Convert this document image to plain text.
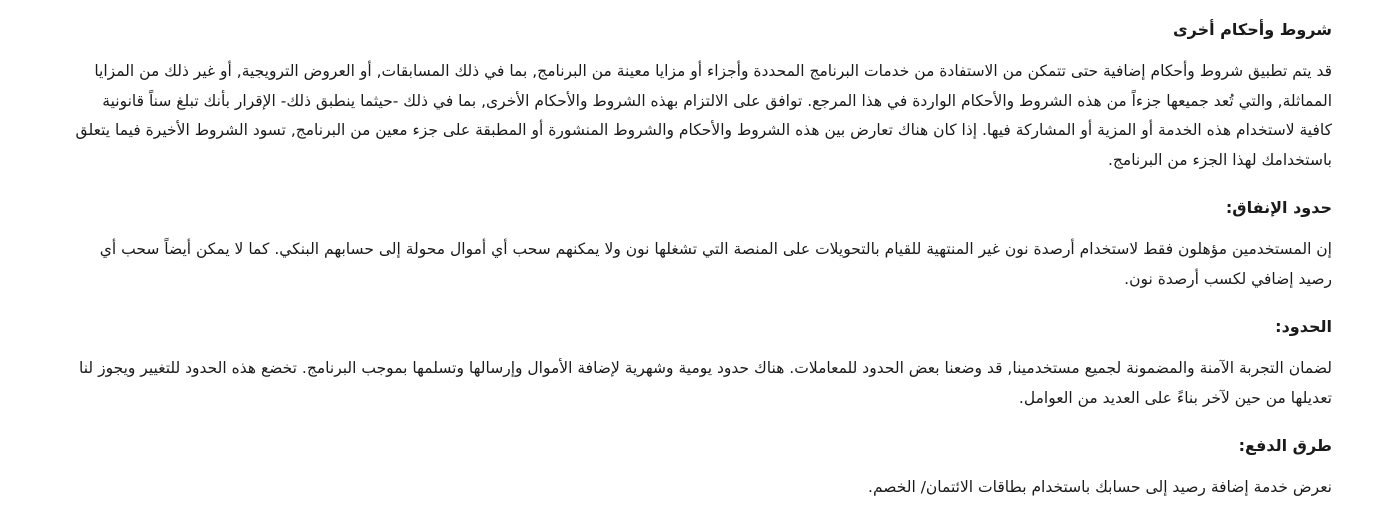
شروط وأحكام أخرى

قد يتم تطبيق شروط وأحكام إضافية حتى تتمكن من الاستفادة من خدمات البرنامج المحددة وأجزاء أو مزايا معينة من البرنامج, بما في ذلك المسابقات, أو العروض الترويجية, أو غير ذلك من المزايا المماثلة, والتي تُعد جميعها جزءاً من هذه الشروط والأحكام الواردة في هذا المرجع. توافق على الالتزام بهذه الشروط والأحكام الأخرى, بما في ذلك -حيثما ينطبق ذلك- الإقرار بأنك تبلغ سناً قانونية كافية لاستخدام هذه الخدمة أو المزية أو المشاركة فيها. إذا كان هناك تعارض بين هذه الشروط والأحكام والشروط المنشورة أو المطبقة على جزء معين من البرنامج, تسود الشروط الأخيرة فيما يتعلق باستخدامك لهذا الجزء من البرنامج.

حدود الإنفاق:

إن المستخدمين مؤهلون فقط لاستخدام أرصدة نون غير المنتهية للقيام بالتحويلات على المنصة التي تشغلها نون ولا يمكنهم سحب أي أموال محولة إلى حسابهم البنكي. كما لا يمكن أيضاً سحب أي رصيد إضافي لكسب أرصدة نون.

الحدود:

لضمان التجربة الآمنة والمضمونة لجميع مستخدمينا, قد وضعنا بعض الحدود للمعاملات. هناك حدود يومية وشهرية لإضافة الأموال وإرسالها وتسلمها بموجب البرنامج. تخضع هذه الحدود للتغيير ويجوز لنا تعديلها من حين لآخر بناءً على العديد من العوامل.

طرق الدفع:

نعرض خدمة إضافة رصيد إلى حسابك باستخدام بطاقات الائتمان/ الخصم.
